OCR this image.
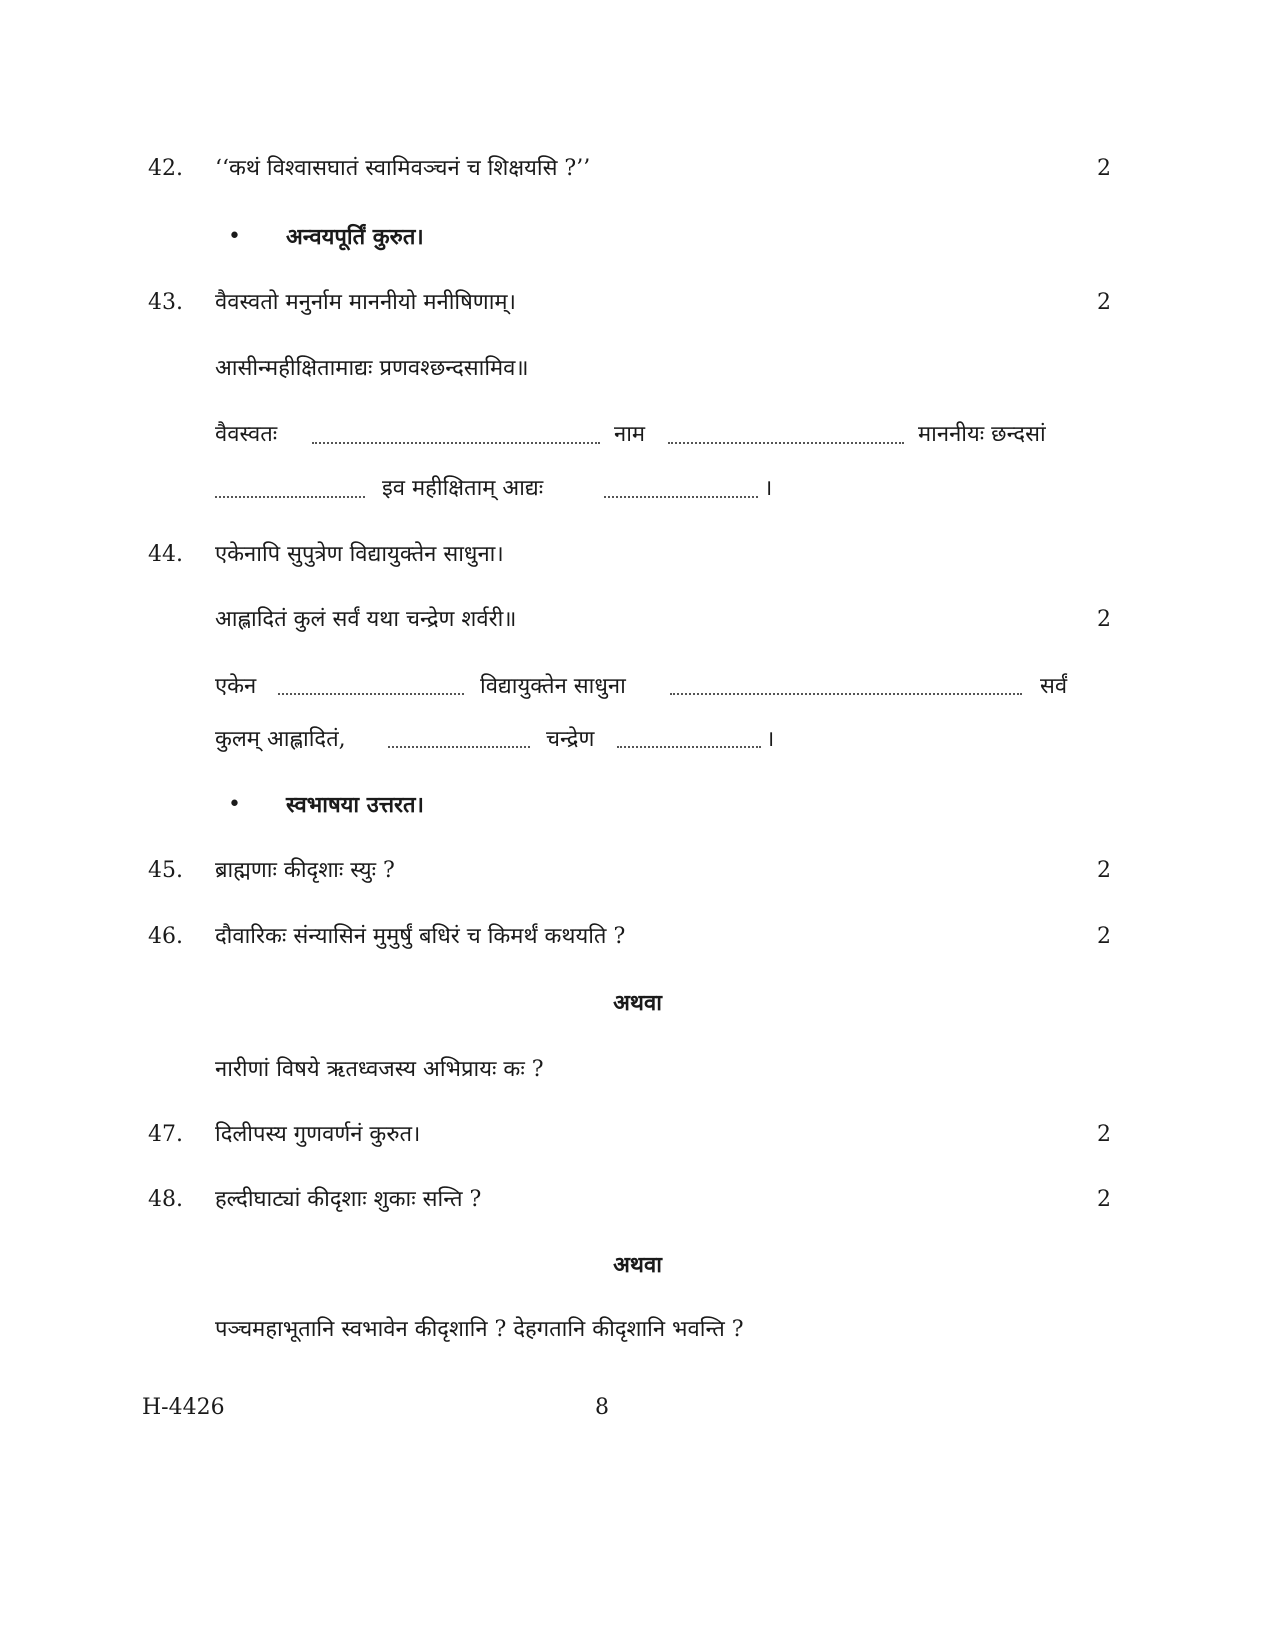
42. ‘‘कथं विश्वासघातं स्वामिवञ्चनं च शिक्षयसि ?’’	2
• अन्वयपूर्तिं कुरुत।
43. वैवस्वतो मनुर्नाम माननीयो मनीषिणाम्।	2
आसीन्महीक्षितामाद्यः प्रणवश्छन्दसामिव॥
वैवस्वतः	नाम	माननीयः छन्दसां
इव महीक्षिताम् आद्यः	।
44. एकेनापि सुपुत्रेण विद्यायुक्तेन साधुना।
आह्लादितं कुलं सर्वं यथा चन्द्रेण शर्वरी॥	2
एकेन	विद्यायुक्तेन साधुना	सर्वं
कुलम् आह्लादितं,	चन्द्रेण	।
• स्वभाषया उत्तरत।
45. ब्राह्मणाः कीदृशाः स्युः ?	2
46. दौवारिकः संन्यासिनं मुमुर्षुं बधिरं च किमर्थं कथयति ?	2
अथवा
नारीणां विषये ऋतध्वजस्य अभिप्रायः कः ?
47. दिलीपस्य गुणवर्णनं कुरुत।	2
48. हल्दीघाट्यां कीदृशाः शुकाः सन्ति ?	2
अथवा
पञ्चमहाभूतानि स्वभावेन कीदृशानि ? देहगतानि कीदृशानि भवन्ति ?
H-4426	8
